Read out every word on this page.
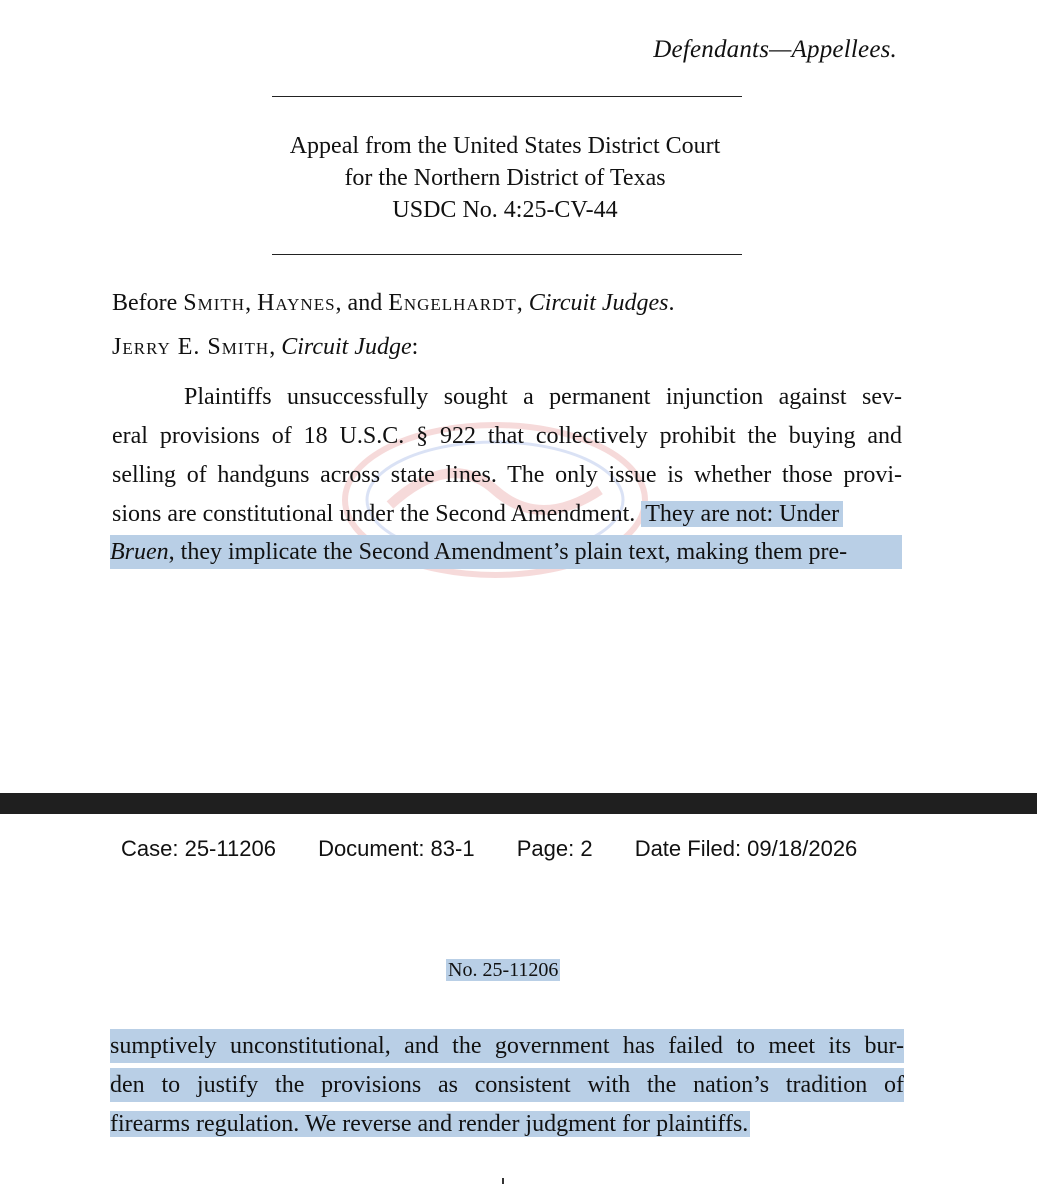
Defendants—Appellees.
Appeal from the United States District Court
for the Northern District of Texas
USDC No. 4:25-CV-44
Before Smith, Haynes, and Engelhardt, Circuit Judges.
Jerry E. Smith, Circuit Judge:
Plaintiffs unsuccessfully sought a permanent injunction against sev-
eral provisions of 18 U.S.C. § 922 that collectively prohibit the buying and
selling of handguns across state lines. The only issue is whether those provi-
sions are constitutional under the Second Amendment. They are not: Under
Bruen, they implicate the Second Amendment’s plain text, making them pre-
Case: 25-11206 Document: 83-1 Page: 2 Date Filed: 09/18/2026
No. 25-11206
sumptively unconstitutional, and the government has failed to meet its bur-
den to justify the provisions as consistent with the nation’s tradition of
firearms regulation. We reverse and render judgment for plaintiffs.
